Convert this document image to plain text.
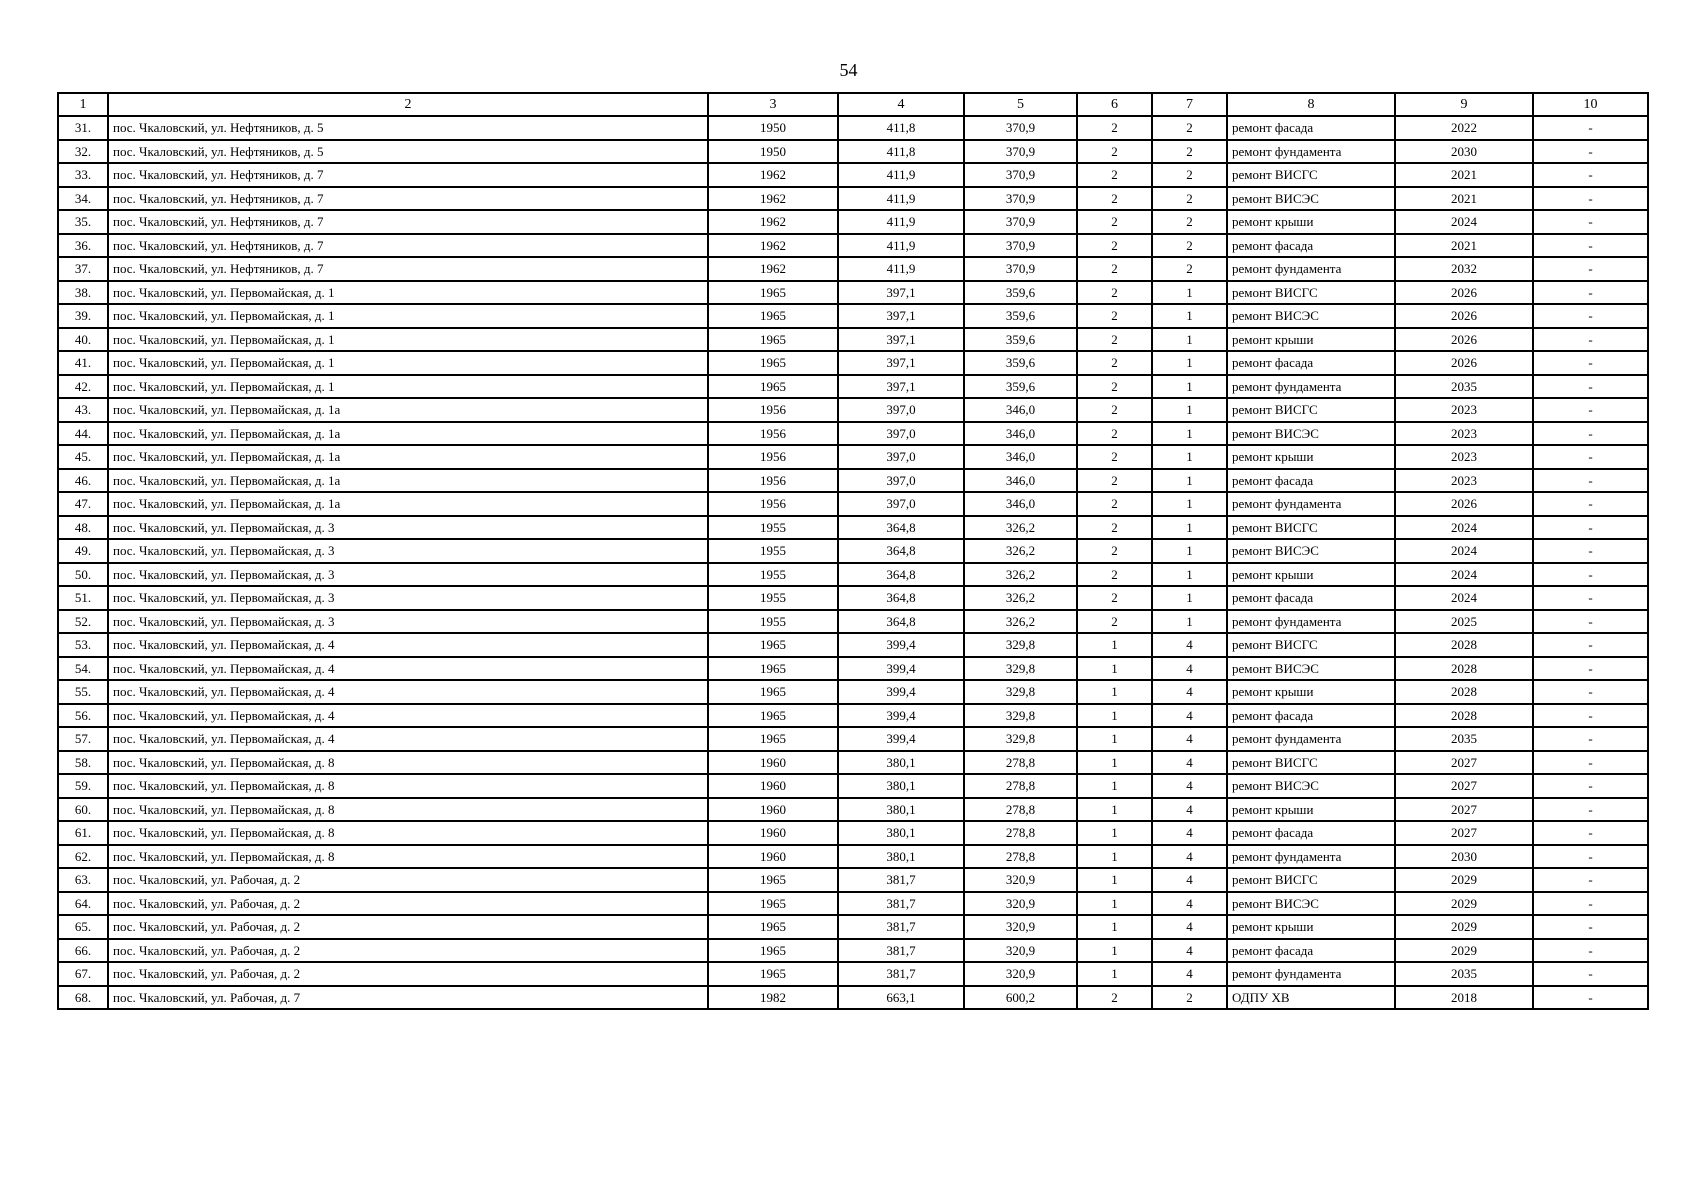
54
1	2	3	4	5	6	7	8	9	10
31.	пос. Чкаловский, ул. Нефтяников, д. 5	1950	411,8	370,9	2	2	ремонт фасада	2022	-
32.	пос. Чкаловский, ул. Нефтяников, д. 5	1950	411,8	370,9	2	2	ремонт фундамента	2030	-
33.	пос. Чкаловский, ул. Нефтяников, д. 7	1962	411,9	370,9	2	2	ремонт ВИСГС	2021	-
34.	пос. Чкаловский, ул. Нефтяников, д. 7	1962	411,9	370,9	2	2	ремонт ВИСЭС	2021	-
35.	пос. Чкаловский, ул. Нефтяников, д. 7	1962	411,9	370,9	2	2	ремонт крыши	2024	-
36.	пос. Чкаловский, ул. Нефтяников, д. 7	1962	411,9	370,9	2	2	ремонт фасада	2021	-
37.	пос. Чкаловский, ул. Нефтяников, д. 7	1962	411,9	370,9	2	2	ремонт фундамента	2032	-
38.	пос. Чкаловский, ул. Первомайская, д. 1	1965	397,1	359,6	2	1	ремонт ВИСГС	2026	-
39.	пос. Чкаловский, ул. Первомайская, д. 1	1965	397,1	359,6	2	1	ремонт ВИСЭС	2026	-
40.	пос. Чкаловский, ул. Первомайская, д. 1	1965	397,1	359,6	2	1	ремонт крыши	2026	-
41.	пос. Чкаловский, ул. Первомайская, д. 1	1965	397,1	359,6	2	1	ремонт фасада	2026	-
42.	пос. Чкаловский, ул. Первомайская, д. 1	1965	397,1	359,6	2	1	ремонт фундамента	2035	-
43.	пос. Чкаловский, ул. Первомайская, д. 1а	1956	397,0	346,0	2	1	ремонт ВИСГС	2023	-
44.	пос. Чкаловский, ул. Первомайская, д. 1а	1956	397,0	346,0	2	1	ремонт ВИСЭС	2023	-
45.	пос. Чкаловский, ул. Первомайская, д. 1а	1956	397,0	346,0	2	1	ремонт крыши	2023	-
46.	пос. Чкаловский, ул. Первомайская, д. 1а	1956	397,0	346,0	2	1	ремонт фасада	2023	-
47.	пос. Чкаловский, ул. Первомайская, д. 1а	1956	397,0	346,0	2	1	ремонт фундамента	2026	-
48.	пос. Чкаловский, ул. Первомайская, д. 3	1955	364,8	326,2	2	1	ремонт ВИСГС	2024	-
49.	пос. Чкаловский, ул. Первомайская, д. 3	1955	364,8	326,2	2	1	ремонт ВИСЭС	2024	-
50.	пос. Чкаловский, ул. Первомайская, д. 3	1955	364,8	326,2	2	1	ремонт крыши	2024	-
51.	пос. Чкаловский, ул. Первомайская, д. 3	1955	364,8	326,2	2	1	ремонт фасада	2024	-
52.	пос. Чкаловский, ул. Первомайская, д. 3	1955	364,8	326,2	2	1	ремонт фундамента	2025	-
53.	пос. Чкаловский, ул. Первомайская, д. 4	1965	399,4	329,8	1	4	ремонт ВИСГС	2028	-
54.	пос. Чкаловский, ул. Первомайская, д. 4	1965	399,4	329,8	1	4	ремонт ВИСЭС	2028	-
55.	пос. Чкаловский, ул. Первомайская, д. 4	1965	399,4	329,8	1	4	ремонт крыши	2028	-
56.	пос. Чкаловский, ул. Первомайская, д. 4	1965	399,4	329,8	1	4	ремонт фасада	2028	-
57.	пос. Чкаловский, ул. Первомайская, д. 4	1965	399,4	329,8	1	4	ремонт фундамента	2035	-
58.	пос. Чкаловский, ул. Первомайская, д. 8	1960	380,1	278,8	1	4	ремонт ВИСГС	2027	-
59.	пос. Чкаловский, ул. Первомайская, д. 8	1960	380,1	278,8	1	4	ремонт ВИСЭС	2027	-
60.	пос. Чкаловский, ул. Первомайская, д. 8	1960	380,1	278,8	1	4	ремонт крыши	2027	-
61.	пос. Чкаловский, ул. Первомайская, д. 8	1960	380,1	278,8	1	4	ремонт фасада	2027	-
62.	пос. Чкаловский, ул. Первомайская, д. 8	1960	380,1	278,8	1	4	ремонт фундамента	2030	-
63.	пос. Чкаловский, ул. Рабочая, д. 2	1965	381,7	320,9	1	4	ремонт ВИСГС	2029	-
64.	пос. Чкаловский, ул. Рабочая, д. 2	1965	381,7	320,9	1	4	ремонт ВИСЭС	2029	-
65.	пос. Чкаловский, ул. Рабочая, д. 2	1965	381,7	320,9	1	4	ремонт крыши	2029	-
66.	пос. Чкаловский, ул. Рабочая, д. 2	1965	381,7	320,9	1	4	ремонт фасада	2029	-
67.	пос. Чкаловский, ул. Рабочая, д. 2	1965	381,7	320,9	1	4	ремонт фундамента	2035	-
68.	пос. Чкаловский, ул. Рабочая, д. 7	1982	663,1	600,2	2	2	ОДПУ ХВ	2018	-
